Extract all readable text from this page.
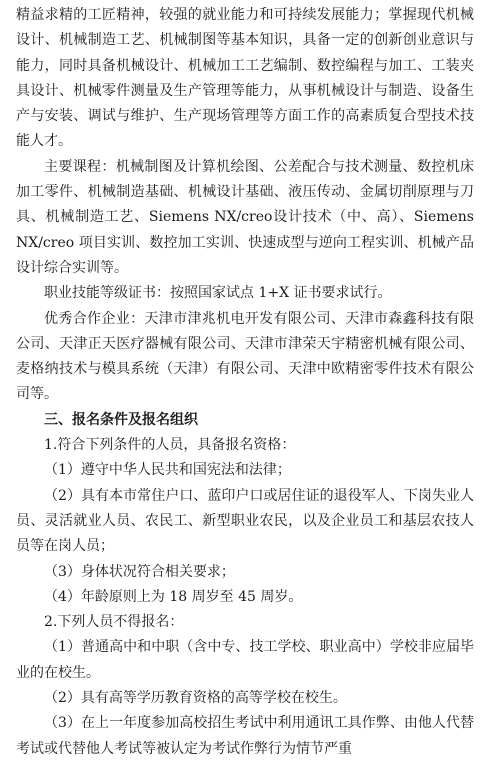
精益求精的工匠精神，较强的就业能力和可持续发展能力；掌握现代机械设计、机械制造工艺、机械制图等基本知识，具备一定的创新创业意识与能力，同时具备机械设计、机械加工工艺编制、数控编程与加工、工装夹具设计、机械零件测量及生产管理等能力，从事机械设计与制造、设备生产与安装、调试与维护、生产现场管理等方面工作的高素质复合型技术技能人才。

主要课程：机械制图及计算机绘图、公差配合与技术测量、数控机床加工零件、机械制造基础、机械设计基础、液压传动、金属切削原理与刀具、机械制造工艺、Siemens NX/creo设计技术（中、高）、Siemens NX/creo 项目实训、数控加工实训、快速成型与逆向工程实训、机械产品设计综合实训等。

职业技能等级证书：按照国家试点 1+X 证书要求试行。

优秀合作企业：天津市津兆机电开发有限公司、天津市森鑫科技有限公司、天津正天医疗器械有限公司、天津市津荣天宇精密机械有限公司、麦格纳技术与模具系统（天津）有限公司、天津中欧精密零件技术有限公司等。

三、报名条件及报名组织

1.符合下列条件的人员，具备报名资格：

（1）遵守中华人民共和国宪法和法律；

（2）具有本市常住户口、蓝印户口或居住证的退役军人、下岗失业人员、灵活就业人员、农民工、新型职业农民，以及企业员工和基层农技人员等在岗人员；

（3）身体状况符合相关要求；

（4）年龄原则上为 18 周岁至 45 周岁。

2.下列人员不得报名：

（1）普通高中和中职（含中专、技工学校、职业高中）学校非应届毕业的在校生。

（2）具有高等学历教育资格的高等学校在校生。

（3）在上一年度参加高校招生考试中利用通讯工具作弊、由他人代替考试或代替他人考试等被认定为考试作弊行为情节严重
